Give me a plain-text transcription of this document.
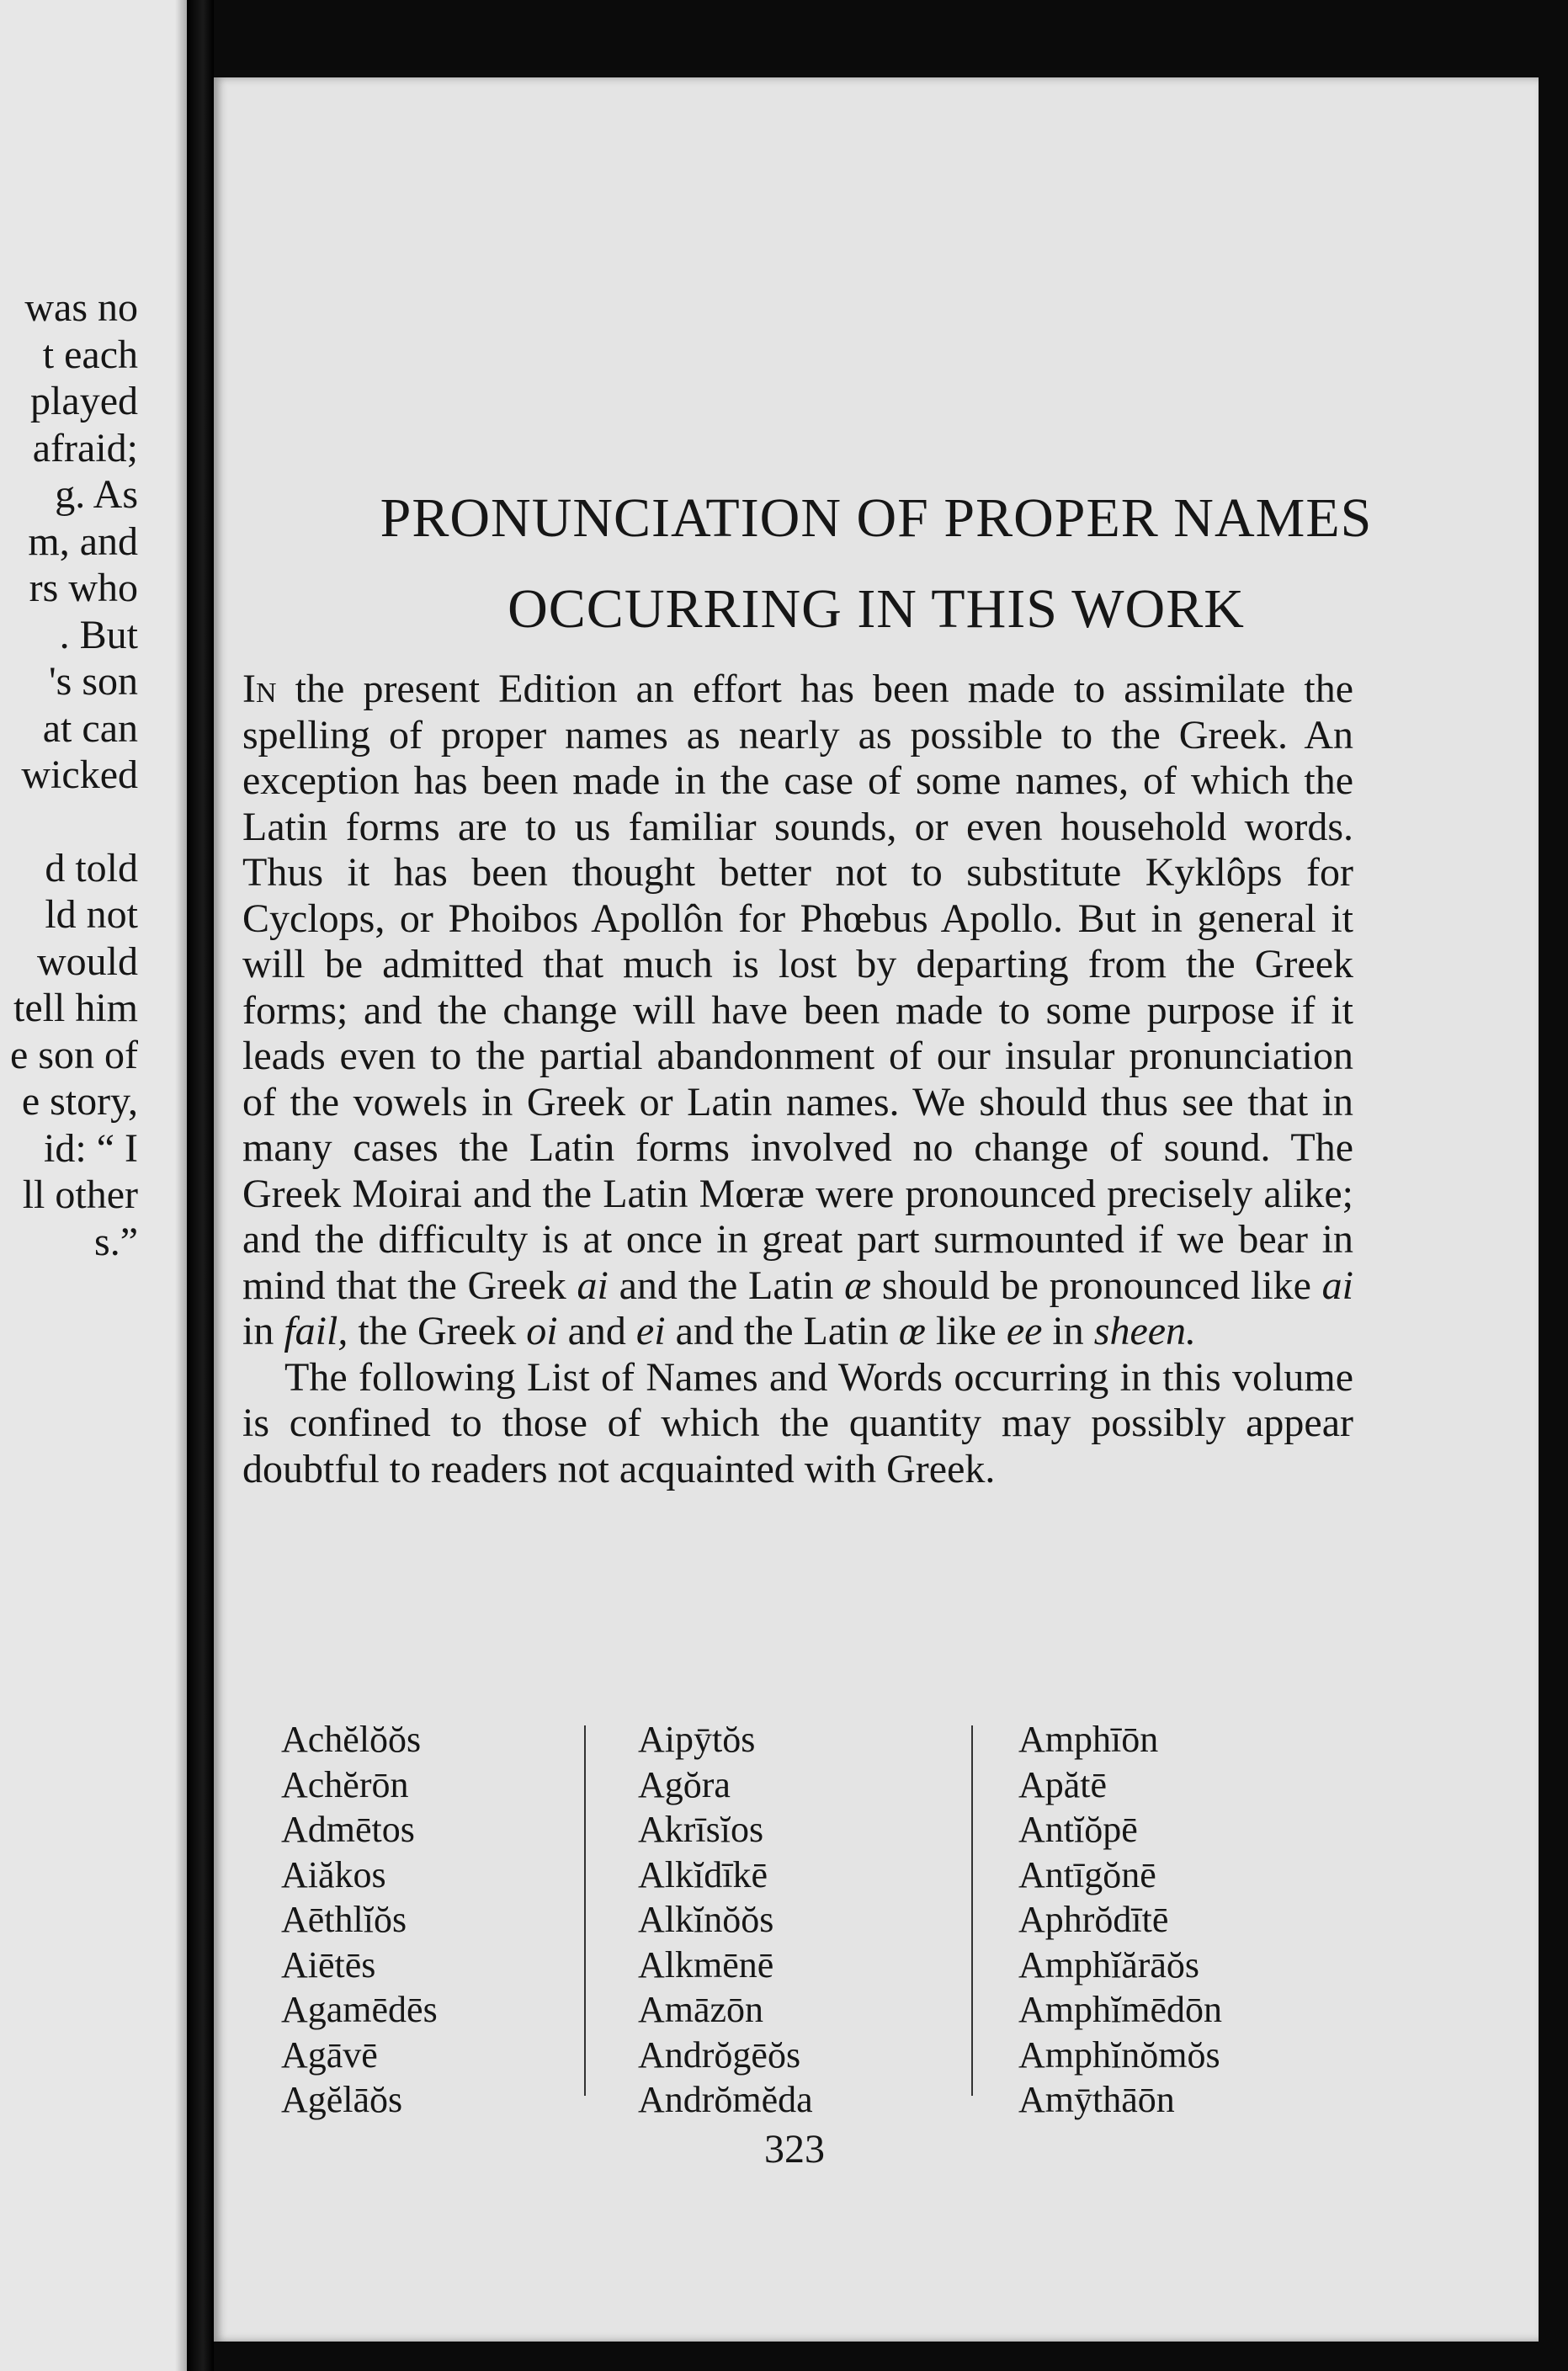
was no
t each
played
afraid;
g. As
m, and
rs who
. But
's son
at can
wicked
d told
ld not
would
tell him
e son of
e story,
id: “ I
ll other
s.”
PRONUNCIATION OF PROPER NAMES
OCCURRING IN THIS WORK

In the present Edition an effort has been made to assimilate the spelling of proper names as nearly as possible to the Greek. An exception has been made in the case of some names, of which the Latin forms are to us familiar sounds, or even household words. Thus it has been thought better not to substitute Kyklôps for Cyclops, or Phoibos Apollôn for Phœbus Apollo. But in general it will be admitted that much is lost by departing from the Greek forms; and the change will have been made to some purpose if it leads even to the partial abandonment of our insular pronunciation of the vowels in Greek or Latin names. We should thus see that in many cases the Latin forms involved no change of sound. The Greek Moirai and the Latin Mœræ were pronounced precisely alike; and the difficulty is at once in great part surmounted if we bear in mind that the Greek ai and the Latin æ should be pronounced like ai in fail, the Greek oi and ei and the Latin œ like ee in sheen.

The following List of Names and Words occurring in this volume is confined to those of which the quantity may possibly appear doubtful to readers not acquainted with Greek.

Achĕlŏŏs
Achĕrōn
Admētos
Aiăkos
Aēthlĭŏs
Aiētēs
Agamēdēs
Agāvē
Agĕlāŏs
Aipȳtŏs
Agŏra
Akrīsĭos
Alkĭdīkē
Alkĭnŏŏs
Alkmēnē
Amāzōn
Andrŏgēŏs
Andrŏmĕda
Amphīōn
Apătē
Antĭŏpē
Antīgŏnē
Aphrŏdītē
Amphĭărāŏs
Amphĭmēdōn
Amphĭnŏmŏs
Amȳthāōn
323
